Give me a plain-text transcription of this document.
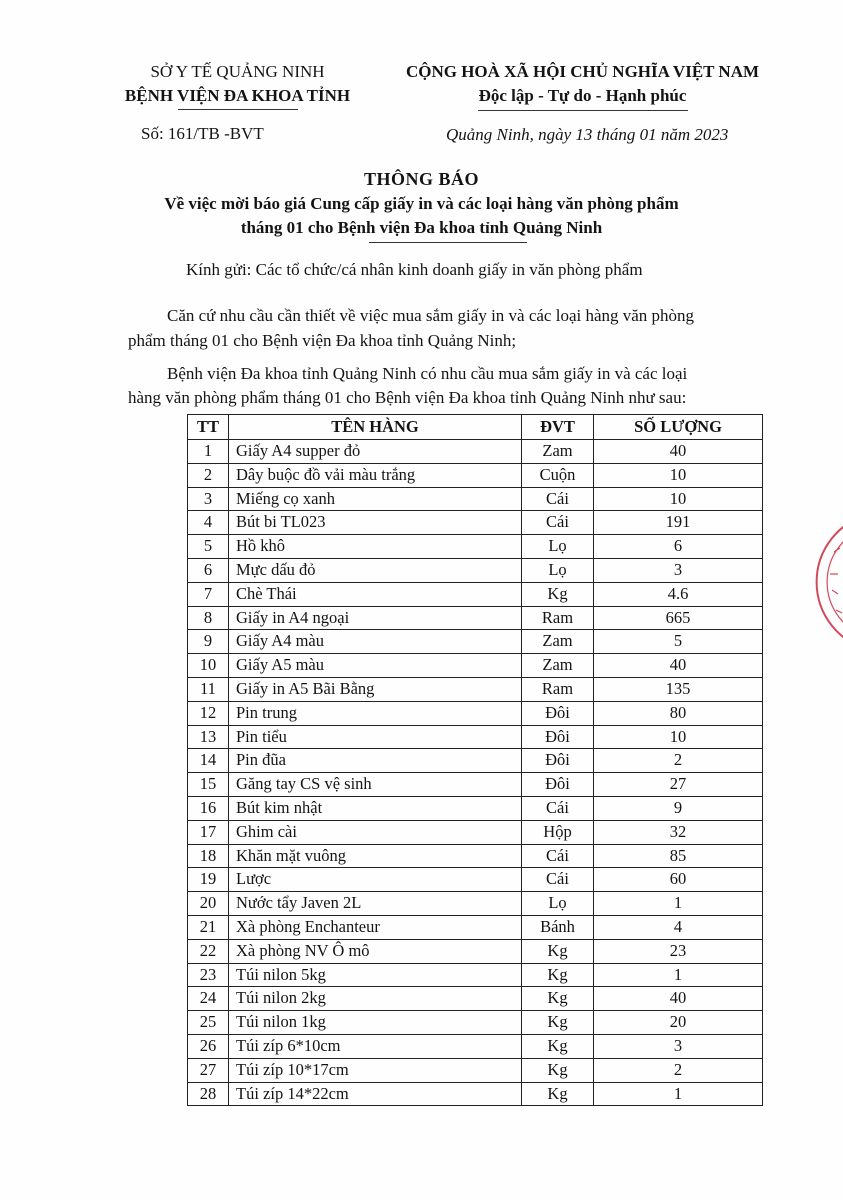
SỞ Y TẾ QUẢNG NINH
BỆNH VIỆN ĐA KHOA TỈNH
CỘNG HOÀ XÃ HỘI CHỦ NGHĨA VIỆT NAM
Độc lập - Tự do - Hạnh phúc
Số: 161/TB -BVT	Quảng Ninh, ngày 13 tháng 01 năm 2023
THÔNG BÁO
Về việc mời báo giá Cung cấp giấy in và các loại hàng văn phòng phẩm
tháng 01 cho Bệnh viện Đa khoa tỉnh Quảng Ninh
Kính gửi: Các tổ chức/cá nhân kinh doanh giấy in văn phòng phẩm
Căn cứ nhu cầu cần thiết về việc mua sắm giấy in và các loại hàng văn phòng
phẩm tháng 01 cho Bệnh viện Đa khoa tỉnh Quảng Ninh;
Bệnh viện Đa khoa tỉnh Quảng Ninh có nhu cầu mua sắm giấy in và các loại
hàng văn phòng phẩm tháng 01 cho Bệnh viện Đa khoa tỉnh Quảng Ninh như sau:
TT	TÊN HÀNG	ĐVT	SỐ LƯỢNG
1	Giấy A4 supper đỏ	Zam	40
2	Dây buộc đồ vải màu trắng	Cuộn	10
3	Miếng cọ xanh	Cái	10
4	Bút bi TL023	Cái	191
5	Hồ khô	Lọ	6
6	Mực dấu đỏ	Lọ	3
7	Chè Thái	Kg	4.6
8	Giấy in A4 ngoại	Ram	665
9	Giấy A4 màu	Zam	5
10	Giấy A5 màu	Zam	40
11	Giấy in A5 Bãi Bằng	Ram	135
12	Pin trung	Đôi	80
13	Pin tiểu	Đôi	10
14	Pin đũa	Đôi	2
15	Găng tay CS vệ sinh	Đôi	27
16	Bút kim nhật	Cái	9
17	Ghim cài	Hộp	32
18	Khăn mặt vuông	Cái	85
19	Lược	Cái	60
20	Nước tẩy Javen 2L	Lọ	1
21	Xà phòng Enchanteur	Bánh	4
22	Xà phòng NV Ô mô	Kg	23
23	Túi nilon 5kg	Kg	1
24	Túi nilon 2kg	Kg	40
25	Túi nilon 1kg	Kg	20
26	Túi zíp 6*10cm	Kg	3
27	Túi zíp 10*17cm	Kg	2
28	Túi zíp 14*22cm	Kg	1
